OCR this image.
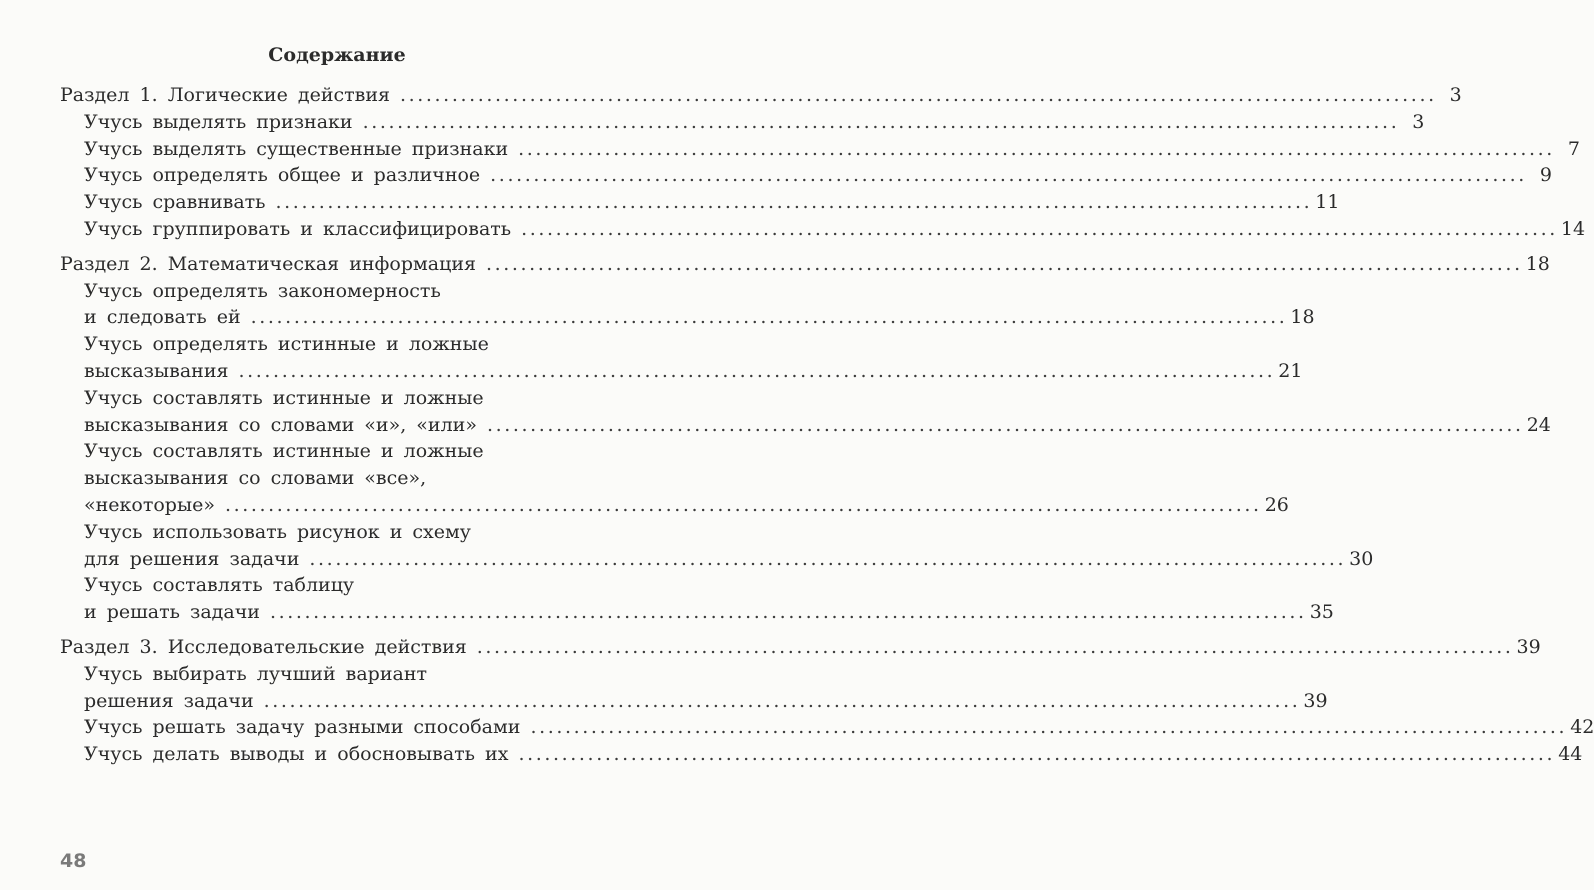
Содержание
Раздел 1. Логические действия ........................................................................................................................ 3
Учусь выделять признаки ........................................................................................................................ 3
Учусь выделять существенные признаки ........................................................................................................................ 7
Учусь определять общее и различное ........................................................................................................................ 9
Учусь сравнивать ........................................................................................................................ 11
Учусь группировать и классифицировать ........................................................................................................................ 14
Раздел 2. Математическая информация ........................................................................................................................ 18
Учусь определять закономерность
и следовать ей ........................................................................................................................ 18
Учусь определять истинные и ложные
высказывания ........................................................................................................................ 21
Учусь составлять истинные и ложные
высказывания со словами «и», «или» ........................................................................................................................ 24
Учусь составлять истинные и ложные
высказывания со словами «все»,
«некоторые» ........................................................................................................................ 26
Учусь использовать рисунок и схему
для решения задачи ........................................................................................................................ 30
Учусь составлять таблицу
и решать задачи ........................................................................................................................ 35
Раздел 3. Исследовательские действия ........................................................................................................................ 39
Учусь выбирать лучший вариант
решения задачи ........................................................................................................................ 39
Учусь решать задачу разными способами ........................................................................................................................ 42
Учусь делать выводы и обосновывать их ........................................................................................................................ 44
48
